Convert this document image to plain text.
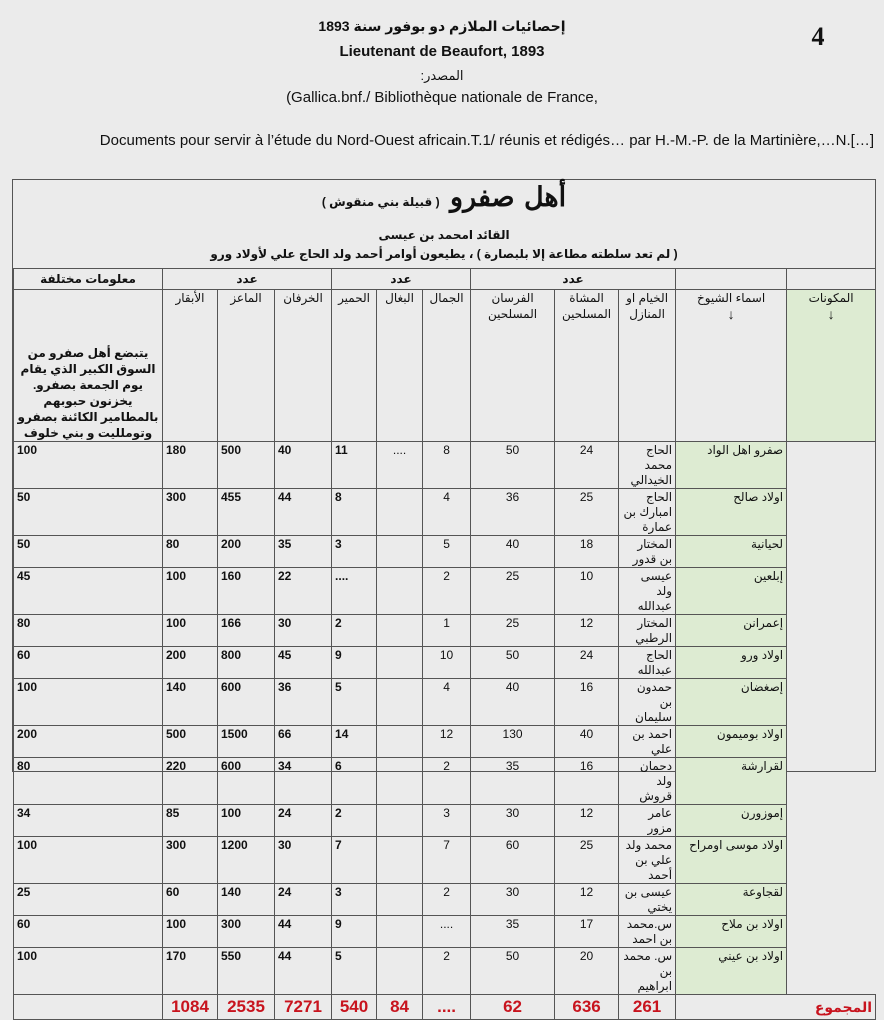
إحصائيات الملازم دو بوفور سنة 1893
Lieutenant de Beaufort, 1893
المصدر:
(Gallica.bnf./ Bibliothèque nationale de France,
4
Documents pour servir à l’étude du Nord-Ouest africain.T.1/ réunis et rédigés… par H.-M.-P. de la Martinière,…N.[…]
أهل صفرو ( قبيلة بني منقوش )
القائد امحمد بن عيسى
( لم تعد سلطته مطاعة إلا بلبصارة ) ، يطيعون أوامر أحمد ولد الحاج علي لأولاد ورو
معلومات مختلفة	عدد			عدد			عدد				
يتبضع أهل صفرو من السوق الكبير الذي يقام يوم الجمعة بصفرو. يخزنون حبوبهم بالمطامير الكائنة بصفرو وتوملليت و بني خلوف	الأبقار	الماعز	الخرفان	الحمير	البغال	الجمال	الفرسان المسلحين	المشاة المسلحين	الخيام او المنازل	اسماء الشيوخ
↓	المكونات
↓
100	180	500	40	11	....	8	50	24	الحاج محمد الخيدالي	صفرو اهل الواد	
50	300	455	44	8		4	36	25	الحاج امبارك بن عمارة	اولاد صالح	
50	80	200	35	3		5	40	18	المختار بن قدور	لحيانية	
45	100	160	22	....		2	25	10	عيسى ولد عبدالله	إبلعين	
80	100	166	30	2		1	25	12	المختار الرطبي	إعمرانن	
60	200	800	45	9		10	50	24	الحاج عبدالله	اولاد ورو	
100	140	600	36	5		4	40	16	حمدون بن سليمان	إصغضان	
200	500	1500	66	14		12	130	40	احمد بن علي	اولاد بوميمون	
80	220	600	34	6		2	35	16	دحمان ولد قروش	لقرارشة	
34	85	100	24	2		3	30	12	عامر مزور	إموزورن	
100	300	1200	30	7		7	60	25	محمد ولد علي بن أحمد	اولاد موسى اومراح	
25	60	140	24	3		2	30	12	عيسى بن يختي	لقجاوعة	
60	100	300	44	9		....	35	17	س.محمد بن احمد	اولاد بن ملاح	
100	170	550	44	5		2	50	20	س. محمد بن ابراهيم	اولاد بن عيني	
	1084	2535	7271	540	84	....	62	636	261	المجموع	
